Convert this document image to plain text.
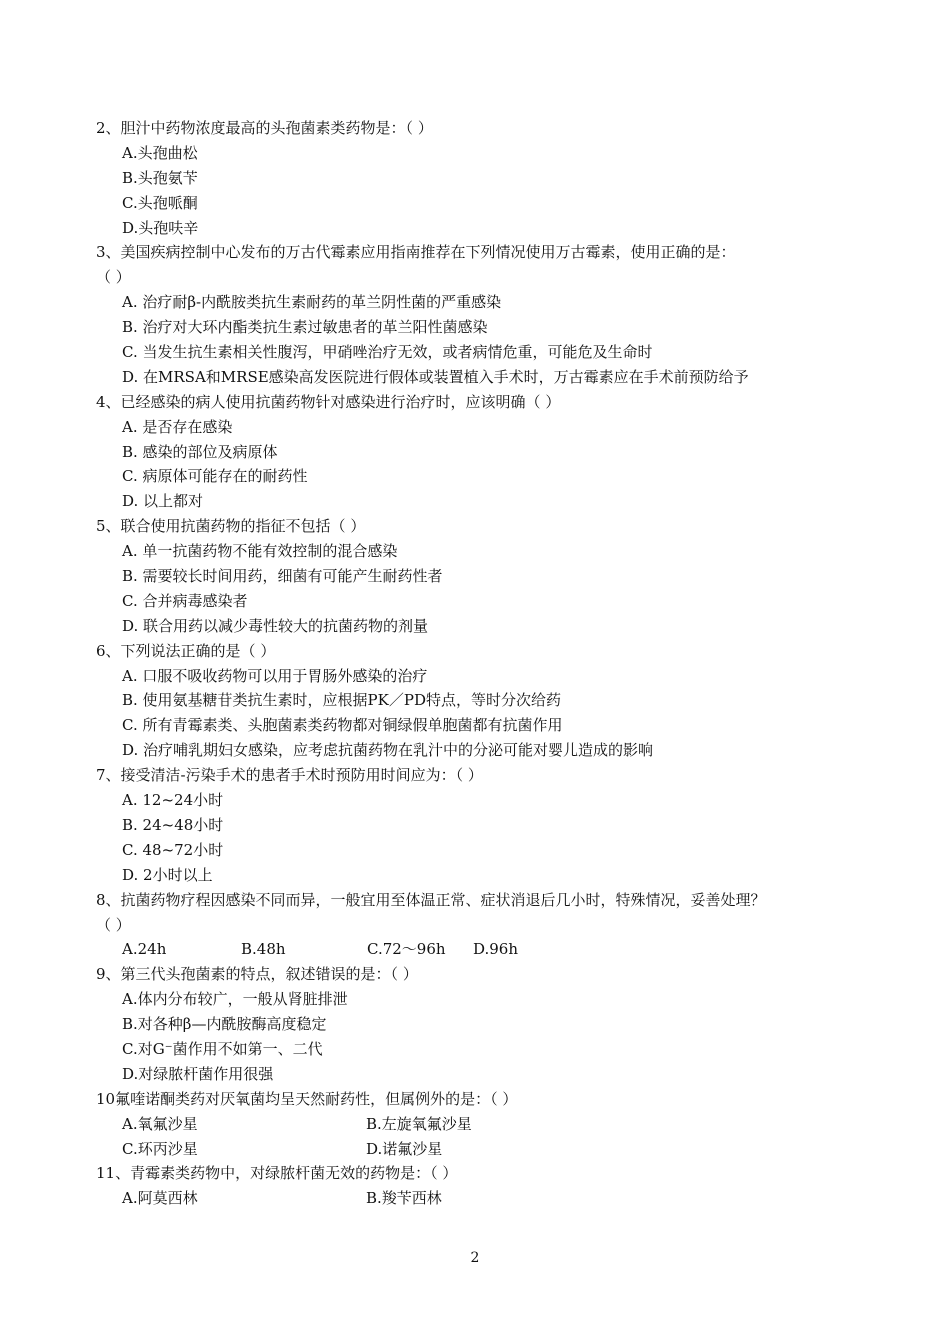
2、胆汁中药物浓度最高的头孢菌素类药物是：（ ）
A.头孢曲松
B.头孢氨苄
C.头孢哌酮
D.头孢呋辛
3、美国疾病控制中心发布的万古代霉素应用指南推荐在下列情况使用万古霉素，使用正确的是：
（ ）
A. 治疗耐β-内酰胺类抗生素耐药的革兰阴性菌的严重感染
B. 治疗对大环内酯类抗生素过敏患者的革兰阳性菌感染
C. 当发生抗生素相关性腹泻，甲硝唑治疗无效，或者病情危重，可能危及生命时
D. 在MRSA和MRSE感染高发医院进行假体或装置植入手术时，万古霉素应在手术前预防给予
4、已经感染的病人使用抗菌药物针对感染进行治疗时，应该明确（ ）
A. 是否存在感染
B. 感染的部位及病原体
C. 病原体可能存在的耐药性
D. 以上都对
5、联合使用抗菌药物的指征不包括（ ）
A. 单一抗菌药物不能有效控制的混合感染
B. 需要较长时间用药，细菌有可能产生耐药性者
C. 合并病毒感染者
D. 联合用药以减少毒性较大的抗菌药物的剂量
6、下列说法正确的是（ ）
A. 口服不吸收药物可以用于胃肠外感染的治疗
B. 使用氨基糖苷类抗生素时，应根据PK／PD特点，等时分次给药
C. 所有青霉素类、头胞菌素类药物都对铜绿假单胞菌都有抗菌作用
D. 治疗哺乳期妇女感染，应考虑抗菌药物在乳汁中的分泌可能对婴儿造成的影响
7、接受清洁-污染手术的患者手术时预防用时间应为：（ ）
A. 12~24小时
B. 24~48小时
C. 48~72小时
D. 2小时以上
8、抗菌药物疗程因感染不同而异，一般宜用至体温正常、症状消退后几小时，特殊情况，妥善处理？
（ ）
A.24h	B.48h	C.72～96h	D.96h
9、第三代头孢菌素的特点，叙述错误的是：（ ）
A.体内分布较广，一般从肾脏排泄
B.对各种β—内酰胺酶高度稳定
C.对G⁻菌作用不如第一、二代
D.对绿脓杆菌作用很强
10氟喹诺酮类药对厌氧菌均呈天然耐药性，但属例外的是：（ ）
A.氧氟沙星	B.左旋氧氟沙星
C.环丙沙星	D.诺氟沙星
11、青霉素类药物中，对绿脓杆菌无效的药物是：（ ）
A.阿莫西林	B.羧苄西林
2
